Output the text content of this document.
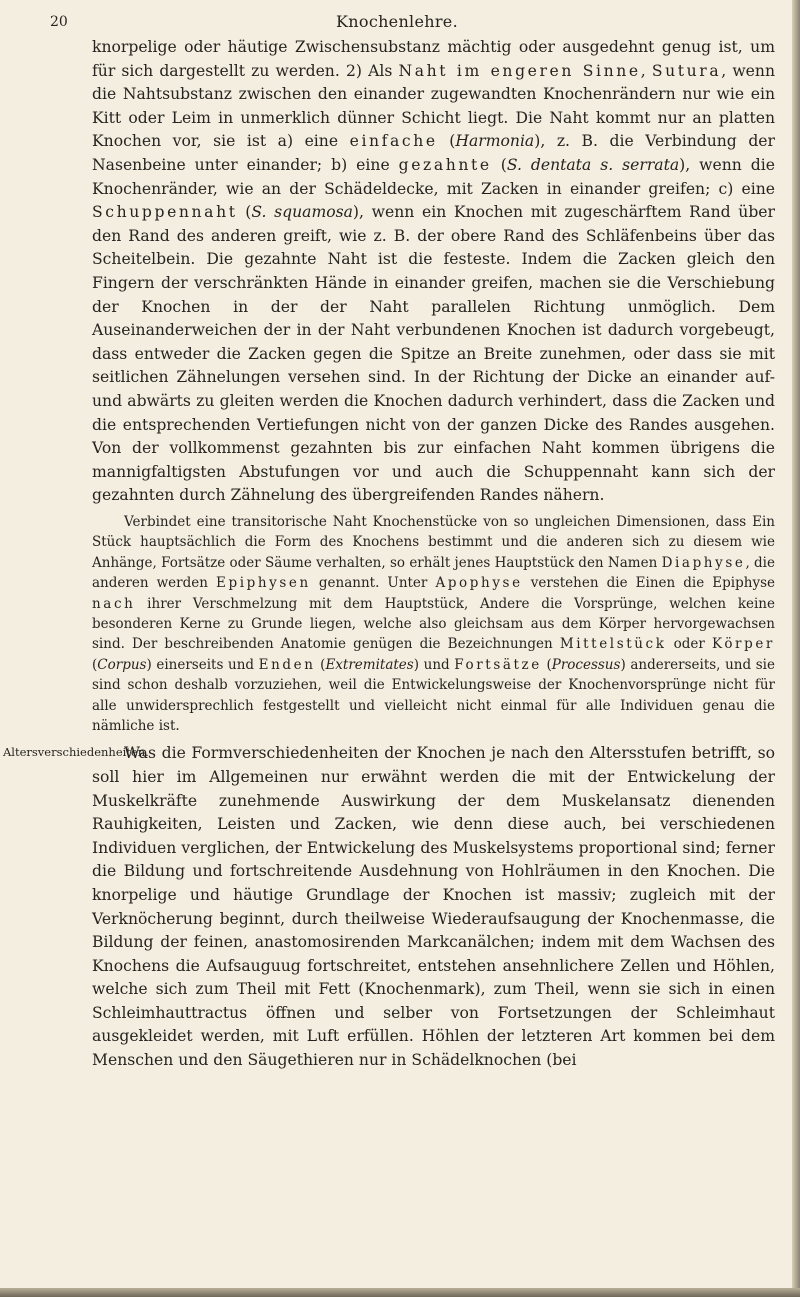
20	Knochenlehre.

knorpelige oder häutige Zwischensubstanz mächtig oder ausgedehnt genug ist, um für sich dargestellt zu werden. 2) Als Naht im engeren Sinne, Sutura, wenn die Nahtsubstanz zwischen den einander zugewandten Knochenrändern nur wie ein Kitt oder Leim in unmerklich dünner Schicht liegt. Die Naht kommt nur an platten Knochen vor, sie ist a) eine einfache (Harmonia), z. B. die Verbindung der Nasenbeine unter einander; b) eine gezahnte (S. dentata s. serrata), wenn die Knochenränder, wie an der Schädeldecke, mit Zacken in einander greifen; c) eine Schuppennaht (S. squamosa), wenn ein Knochen mit zugeschärftem Rand über den Rand des anderen greift, wie z. B. der obere Rand des Schläfenbeins über das Scheitelbein. Die gezahnte Naht ist die festeste. Indem die Zacken gleich den Fingern der verschränkten Hände in einander greifen, machen sie die Verschiebung der Knochen in der der Naht parallelen Richtung unmöglich. Dem Auseinanderweichen der in der Naht verbundenen Knochen ist dadurch vorgebeugt, dass entweder die Zacken gegen die Spitze an Breite zunehmen, oder dass sie mit seitlichen Zähnelungen versehen sind. In der Richtung der Dicke an einander auf- und abwärts zu gleiten werden die Knochen dadurch verhindert, dass die Zacken und die entsprechenden Vertiefungen nicht von der ganzen Dicke des Randes ausgehen. Von der vollkommenst gezahnten bis zur einfachen Naht kommen übrigens die mannigfaltigsten Abstufungen vor und auch die Schuppennaht kann sich der gezahnten durch Zähnelung des übergreifenden Randes nähern.

Verbindet eine transitorische Naht Knochenstücke von so ungleichen Dimensionen, dass Ein Stück hauptsächlich die Form des Knochens bestimmt und die anderen sich zu diesem wie Anhänge, Fortsätze oder Säume verhalten, so erhält jenes Hauptstück den Namen Diaphyse, die anderen werden Epiphysen genannt. Unter Apophyse verstehen die Einen die Epiphyse nach ihrer Verschmelzung mit dem Hauptstück, Andere die Vorsprünge, welchen keine besonderen Kerne zu Grunde liegen, welche also gleichsam aus dem Körper hervorgewachsen sind. Der beschreibenden Anatomie genügen die Bezeichnungen Mittelstück oder Körper (Corpus) einerseits und Enden (Extremitates) und Fortsätze (Processus) andererseits, und sie sind schon deshalb vorzuziehen, weil die Entwickelungsweise der Knochenvorsprünge nicht für alle unwidersprechlich festgestellt und vielleicht nicht einmal für alle Individuen genau die nämliche ist.

Was die Formverschiedenheiten der Knochen je nach den Altersstufen betrifft, so soll hier im Allgemeinen nur erwähnt werden die mit der Entwickelung der Muskelkräfte zunehmende Auswirkung der dem Muskelansatz dienenden Rauhigkeiten, Leisten und Zacken, wie denn diese auch, bei verschiedenen Individuen verglichen, der Entwickelung des Muskelsystems proportional sind; ferner die Bildung und fortschreitende Ausdehnung von Hohlräumen in den Knochen. Die knorpelige und häutige Grundlage der Knochen ist massiv; zugleich mit der Verknöcherung beginnt, durch theilweise Wiederaufsaugung der Knochenmasse, die Bildung der feinen, anastomosirenden Markcanälchen; indem mit dem Wachsen des Knochens die Aufsauguug fortschreitet, entstehen ansehnlichere Zellen und Höhlen, welche sich zum Theil mit Fett (Knochenmark), zum Theil, wenn sie sich in einen Schleimhauttractus öffnen und selber von Fortsetzungen der Schleimhaut ausgekleidet werden, mit Luft erfüllen. Höhlen der letzteren Art kommen bei dem Menschen und den Säugethieren nur in Schädelknochen (bei

Altersverschiedenheiten.
